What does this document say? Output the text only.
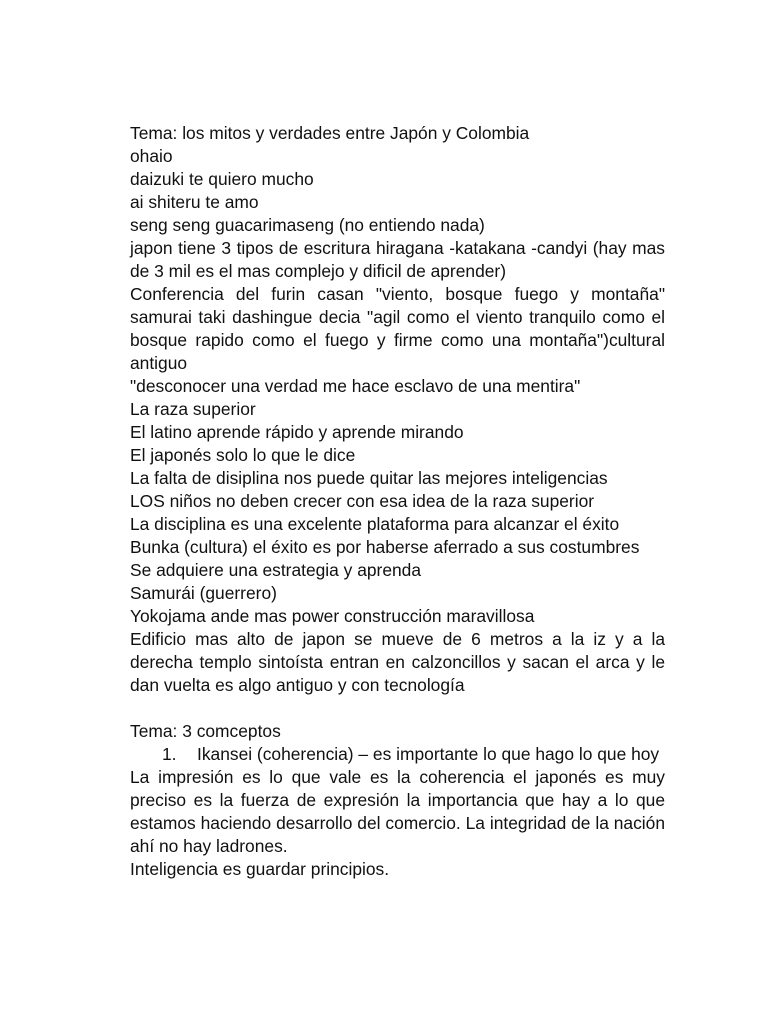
Tema: los mitos y verdades entre Japón y Colombia

ohaio

daizuki te quiero mucho

ai shiteru te amo

seng seng guacarimaseng (no entiendo nada)

japon tiene 3 tipos de escritura hiragana -katakana -candyi (hay mas de 3 mil es el mas complejo y dificil de aprender)

Conferencia del furin casan "viento, bosque fuego y montaña" samurai taki dashingue decia "agil como el viento tranquilo como el bosque rapido como el fuego y firme como una montaña")cultural antiguo

"desconocer una verdad me hace esclavo de una mentira"

La raza superior

El latino aprende rápido y aprende mirando

El japonés solo lo que le dice

La falta de disiplina nos puede quitar las mejores inteligencias

LOS niños no deben crecer con esa idea de la raza superior

La disciplina es una excelente plataforma para alcanzar el éxito

Bunka (cultura) el éxito es por haberse aferrado a sus costumbres

Se adquiere una estrategia y aprenda

Samurái (guerrero)

Yokojama ande mas power construcción maravillosa

Edificio mas alto de japon se mueve de 6 metros a la iz y a la derecha templo sintoísta entran en calzoncillos y sacan el arca y le dan vuelta es algo antiguo y con tecnología

Tema: 3 comceptos

1. Ikansei (coherencia) – es importante lo que hago lo que hoy

La impresión es lo que vale es la coherencia el japonés es muy preciso es la fuerza de expresión la importancia que hay a lo que estamos haciendo desarrollo del comercio. La integridad de la nación ahí no hay ladrones.

Inteligencia es guardar principios.
